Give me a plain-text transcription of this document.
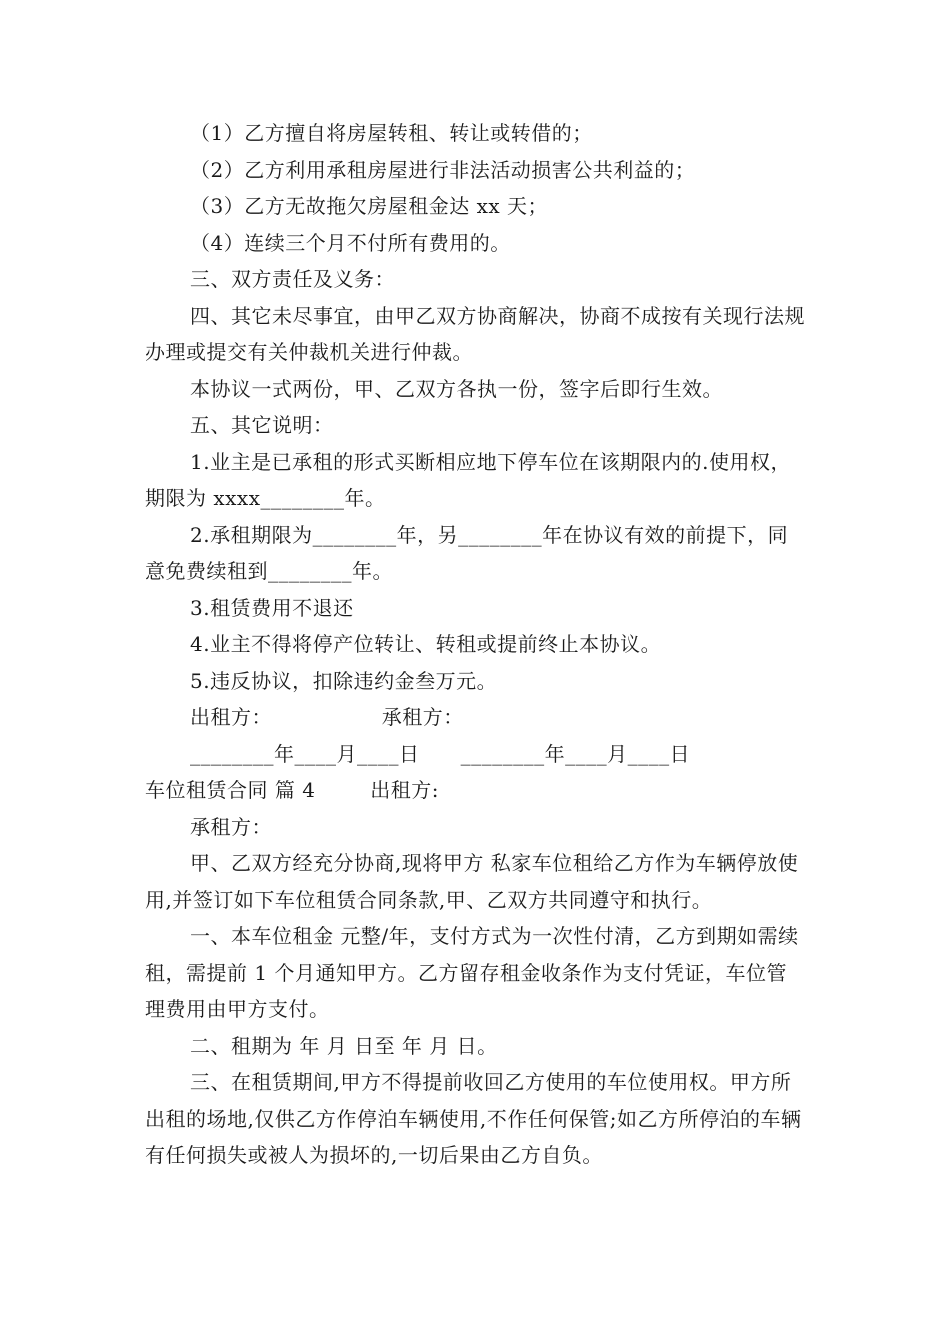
（1）乙方擅自将房屋转租、转让或转借的；

（2）乙方利用承租房屋进行非法活动损害公共利益的；

（3）乙方无故拖欠房屋租金达 xx 天；

（4）连续三个月不付所有费用的。

三、双方责任及义务：

四、其它未尽事宜，由甲乙双方协商解决，协商不成按有关现行法规办理或提交有关仲裁机关进行仲裁。

本协议一式两份，甲、乙双方各执一份，签字后即行生效。

五、其它说明：

1.业主是已承租的形式买断相应地下停车位在该期限内的.使用权，期限为 xxxx________年。

2.承租期限为________年，另________年在协议有效的前提下，同意免费续租到________年。

3.租赁费用不退还

4.业主不得将停产位转让、转租或提前终止本协议。

5.违反协议，扣除违约金叁万元。

出租方：                承租方：

________年____月____日      ________年____月____日

车位租赁合同 篇 4        出租方:

承租方：

甲、乙双方经充分协商,现将甲方 私家车位租给乙方作为车辆停放使用,并签订如下车位租赁合同条款,甲、乙双方共同遵守和执行。

一、本车位租金 元整/年，支付方式为一次性付清，乙方到期如需续租，需提前 1 个月通知甲方。乙方留存租金收条作为支付凭证，车位管理费用由甲方支付。

二、租期为 年 月 日至 年 月 日。

三、在租赁期间,甲方不得提前收回乙方使用的车位使用权。甲方所出租的场地,仅供乙方作停泊车辆使用,不作任何保管;如乙方所停泊的车辆有任何损失或被人为损坏的,一切后果由乙方自负。
